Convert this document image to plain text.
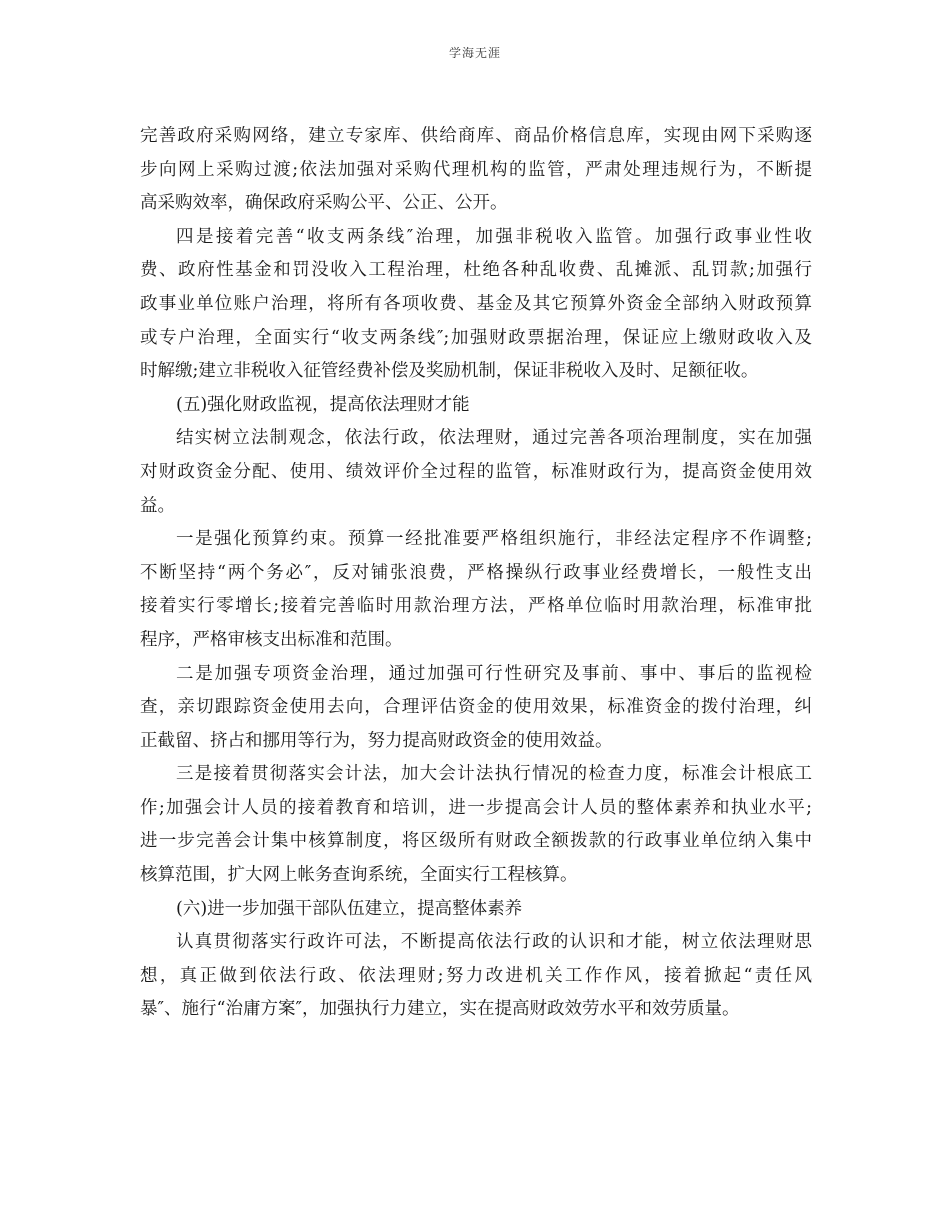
学海无涯
完善政府采购网络，建立专家库、供给商库、商品价格信息库，实现由网下采购逐
步向网上采购过渡;依法加强对采购代理机构的监管，严肃处理违规行为，不断提
高采购效率，确保政府采购公平、公正、公开。
四是接着完善“收支两条线″治理，加强非税收入监管。加强行政事业性收
费、政府性基金和罚没收入工程治理，杜绝各种乱收费、乱摊派、乱罚款;加强行
政事业单位账户治理，将所有各项收费、基金及其它预算外资金全部纳入财政预算
或专户治理，全面实行“收支两条线″;加强财政票据治理，保证应上缴财政收入及
时解缴;建立非税收入征管经费补偿及奖励机制，保证非税收入及时、足额征收。
(五)强化财政监视，提高依法理财才能
结实树立法制观念，依法行政，依法理财，通过完善各项治理制度，实在加强
对财政资金分配、使用、绩效评价全过程的监管，标准财政行为，提高资金使用效
益。
一是强化预算约束。预算一经批准要严格组织施行，非经法定程序不作调整;
不断坚持“两个务必″，反对铺张浪费，严格操纵行政事业经费增长，一般性支出
接着实行零增长;接着完善临时用款治理方法，严格单位临时用款治理，标准审批
程序，严格审核支出标准和范围。
二是加强专项资金治理，通过加强可行性研究及事前、事中、事后的监视检
查，亲切跟踪资金使用去向，合理评估资金的使用效果，标准资金的拨付治理，纠
正截留、挤占和挪用等行为，努力提高财政资金的使用效益。
三是接着贯彻落实会计法，加大会计法执行情况的检查力度，标准会计根底工
作;加强会计人员的接着教育和培训，进一步提高会计人员的整体素养和执业水平;
进一步完善会计集中核算制度，将区级所有财政全额拨款的行政事业单位纳入集中
核算范围，扩大网上帐务查询系统，全面实行工程核算。
(六)进一步加强干部队伍建立，提高整体素养
认真贯彻落实行政许可法，不断提高依法行政的认识和才能，树立依法理财思
想，真正做到依法行政、依法理财;努力改进机关工作作风，接着掀起“责任风
暴″、施行“治庸方案″，加强执行力建立，实在提高财政效劳水平和效劳质量。
